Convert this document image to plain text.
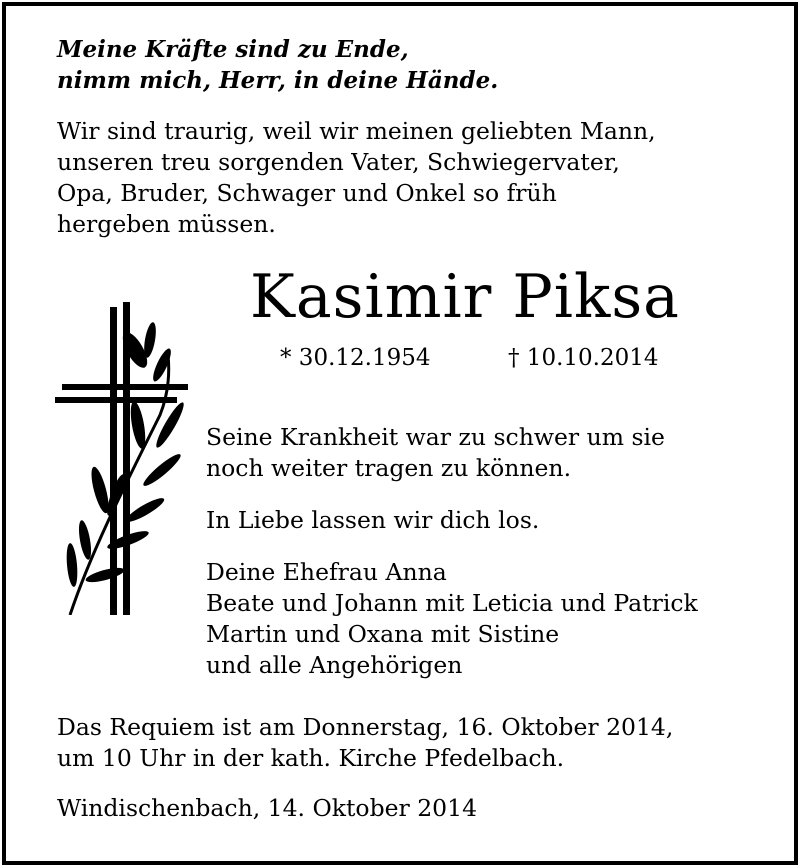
Meine Kräfte sind zu Ende,
nimm mich, Herr, in deine Hände.
Wir sind traurig, weil wir meinen geliebten Mann,
unseren treu sorgenden Vater, Schwiegervater,
Opa, Bruder, Schwager und Onkel so früh
hergeben müssen.
Kasimir Piksa
* 30.12.1954	† 10.10.2014
Seine Krankheit war zu schwer um sie
noch weiter tragen zu können.
In Liebe lassen wir dich los.
Deine Ehefrau Anna
Beate und Johann mit Leticia und Patrick
Martin und Oxana mit Sistine
und alle Angehörigen
Das Requiem ist am Donnerstag, 16. Oktober 2014,
um 10 Uhr in der kath. Kirche Pfedelbach.
Windischenbach, 14. Oktober 2014
